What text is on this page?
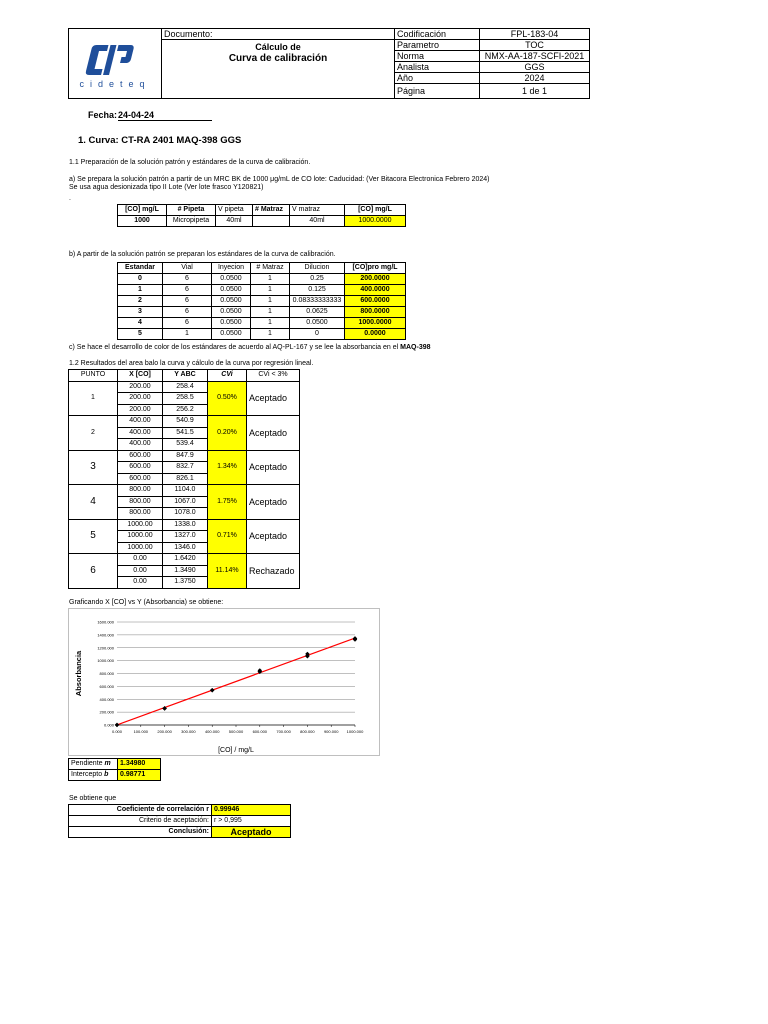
cideteq	Documento:	Codificación	FPL-183-04

	Cálculo de
Curva de calibración	Parametro	TOC
		Norma	NMX-AA-187-SCFI-2021
		Analista	GGS
		Año	2024
		Página	1 de 1
Fecha: 24-04-24
1. Curva: CT-RA 2401 MAQ-398 GGS
1.1 Preparación de la solución patrón y estándares de la curva de calibración.
a) Se prepara la solución patrón a partir de un MRC BK de 1000 μg/mL de CO lote: Caducidad: (Ver Bitacora Electronica Febrero 2024)
Se usa agua desionizada tipo II Lote (Ver lote frasco Y120821)
.
[CO] mg/L	# Pipeta	V pipeta	# Matraz	V matraz	[CO] mg/L
1000	Micropipeta	40ml		40ml	1000.0000
b) A partir de la solución patrón se preparan los estándares de la curva de calibración.
Estandar	Vial	Inyecion	# Matraz	Dilucion	[CO]pro mg/L
0	6	0.0500	1	0.25	200.0000
1	6	0.0500	1	0.125	400.0000
2	6	0.0500	1	0.08333333333	600.0000
3	6	0.0500	1	0.0625	800.0000
4	6	0.0500	1	0.0500	1000.0000
5	1	0.0500	1	0	0.0000
c) Se hace el desarrollo de color de los estándares de acuerdo al AQ-PL-167 y se lee la absorbancia en el MAQ-398
1.2 Resultados del area balo la curva y cálculo de la curva por regresión lineal.
PUNTO	X [CO]	Y ABC	CVi	CVi < 3%
1	200.00	258.4	0.50%	Aceptado
	200.00	258.5		
	200.00	256.2		
2	400.00	540.9	0.20%	Aceptado
	400.00	541.5		
	400.00	539.4		
3	600.00	847.9	1.34%	Aceptado
	600.00	832.7		
	600.00	826.1		
4	800.00	1104.0	1.75%	Aceptado
	800.00	1067.0		
	800.00	1078.0		
5	1000.00	1338.0	0.71%	Aceptado
	1000.00	1327.0		
	1000.00	1346.0		
6	0.00	1.6420	11.14%	Rechazado
	0.00	1.3490		
	0.00	1.3750		
Graficando X [CO] vs Y (Absorbancia) se obtiene:
0.000
200.000
400.000
600.000
800.000
1000.000
1200.000
1400.000
1600.000
0.000	100.000 200.000 300.000 400.000 500.000 600.000 700.000 800.000 900.000 1000.000
[CO] / mg/L
Absorbancia
Pendiente m	1.34980
Intercepto b	0.98771
Se obtiene que
Coeficiente de correlación r	0.99946
Criterio de aceptación:	r > 0,995
Conclusión:	Aceptado
